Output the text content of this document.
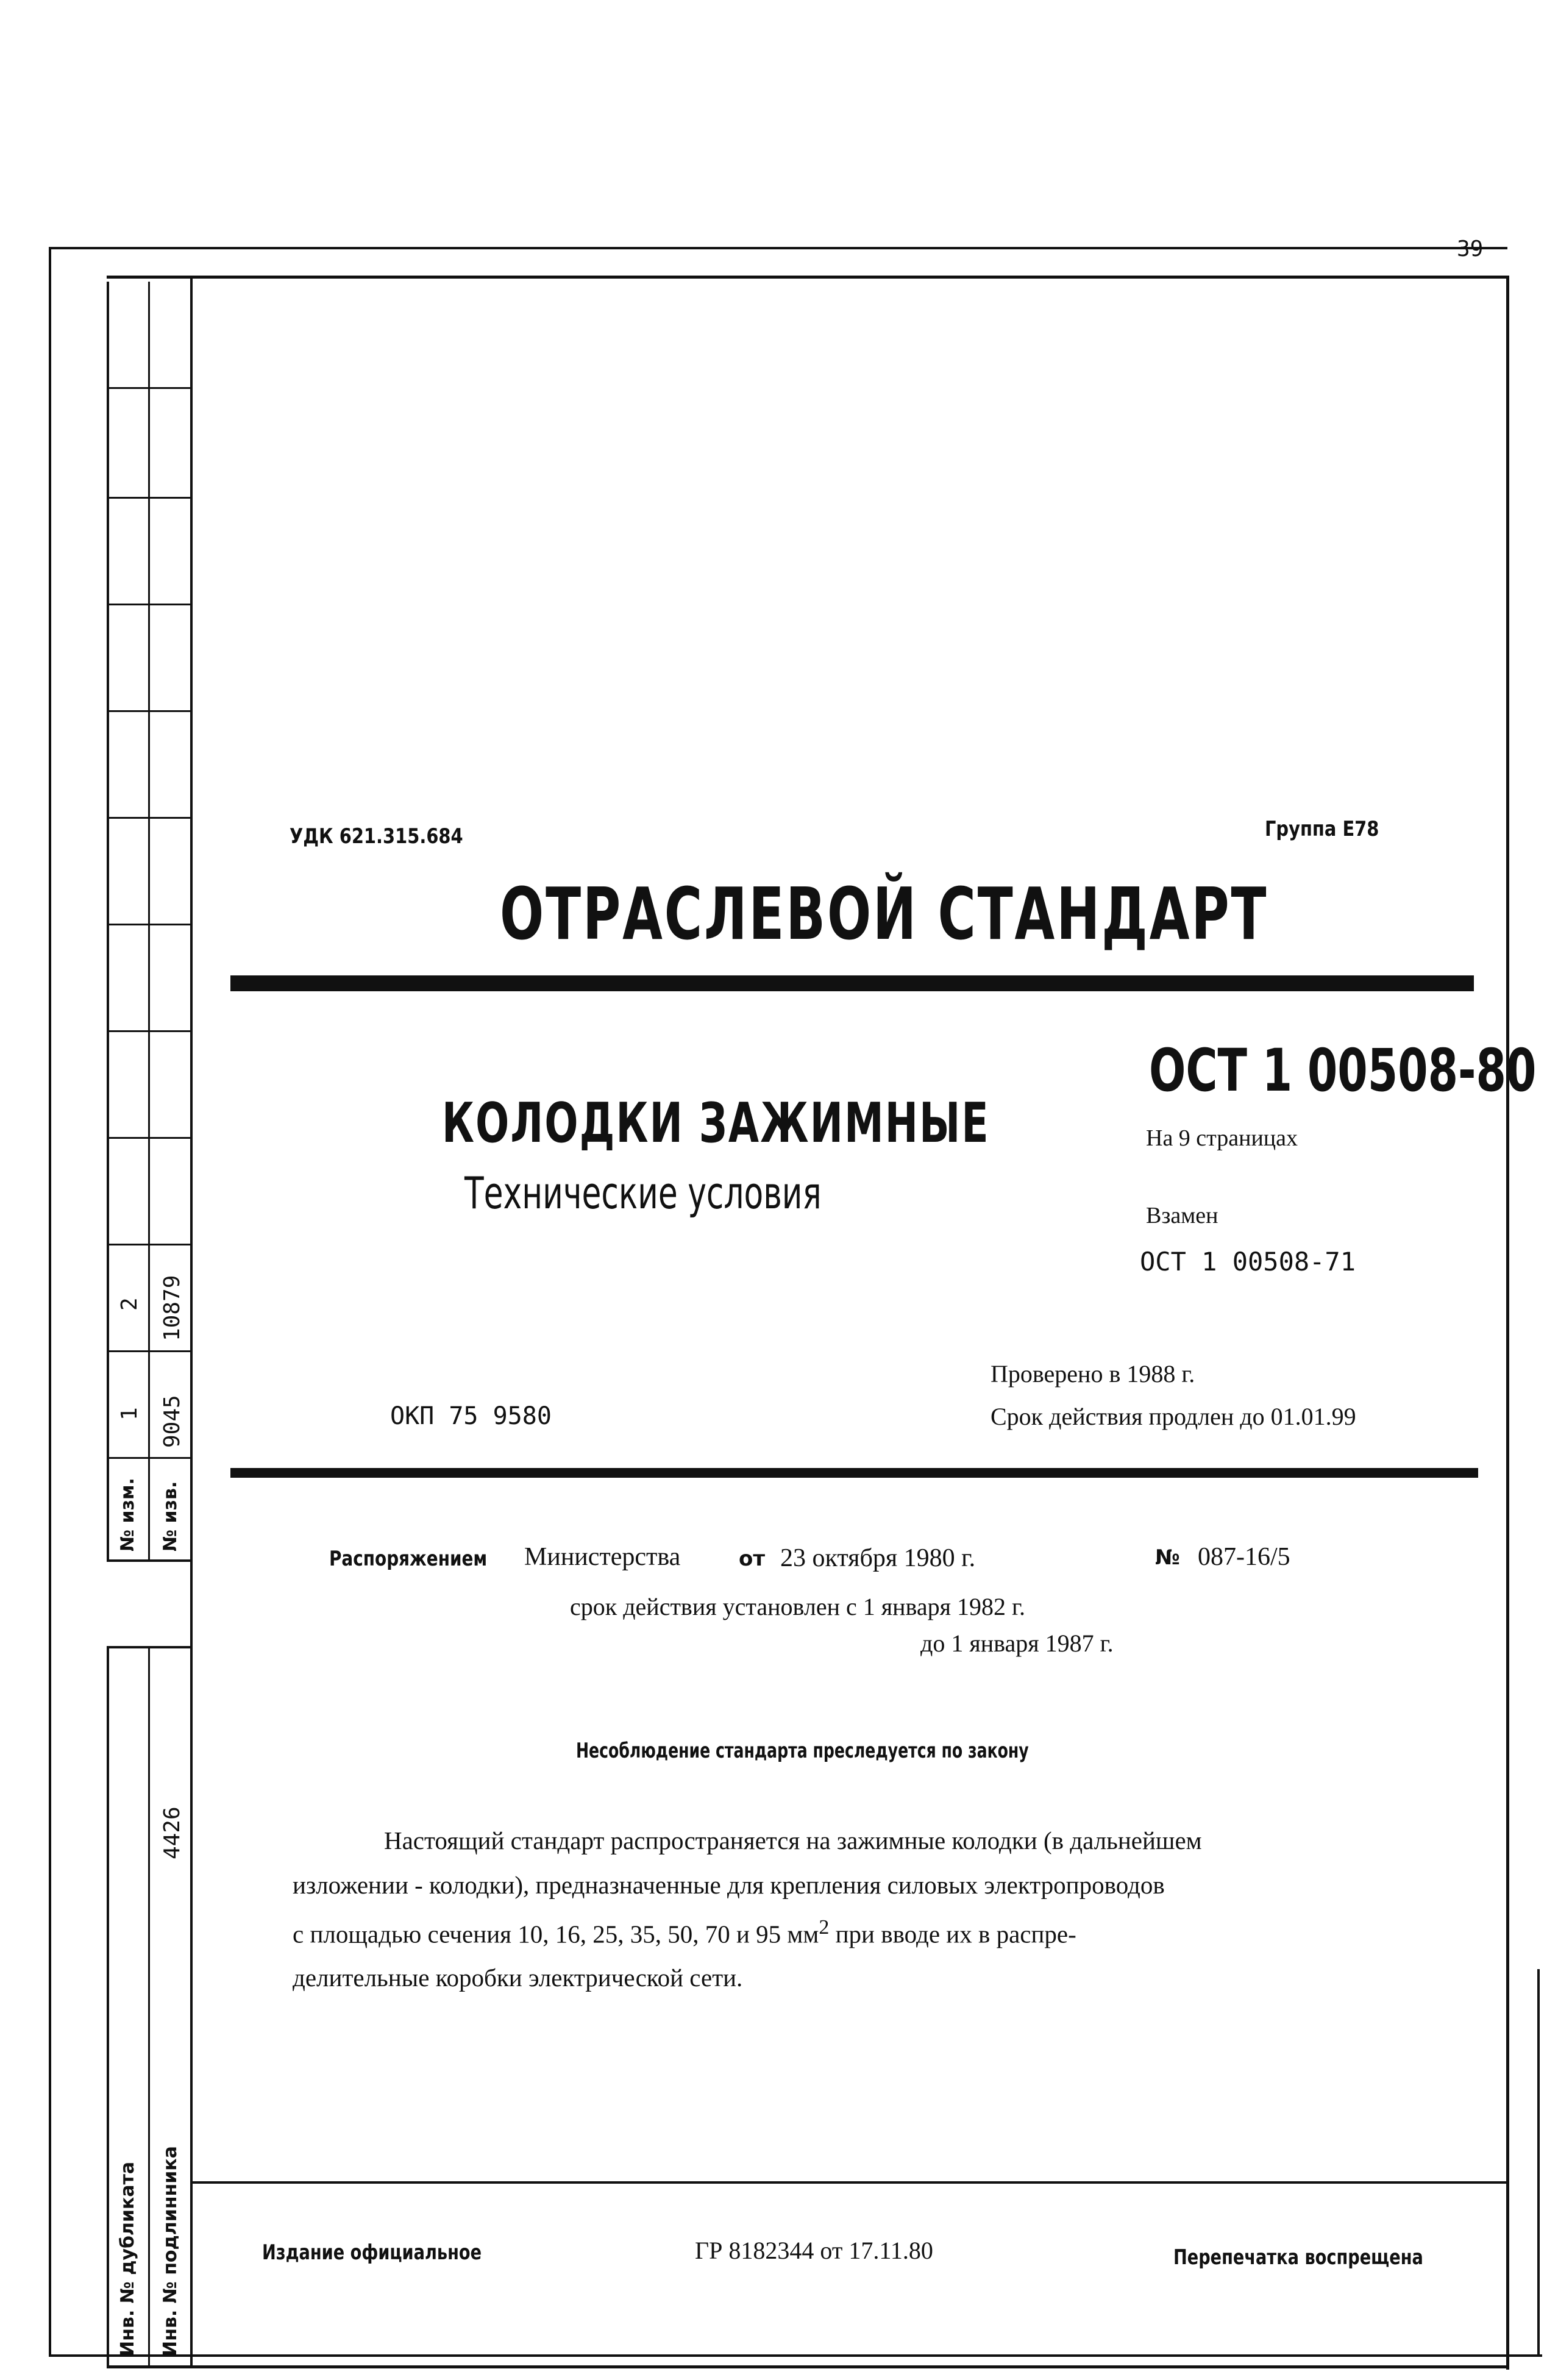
№ изм. № изв.
1 9045
2 10879
4426
Инв. № дубликата Инв. № подлинника
39
УДК 621.315.684	Группа Е78
ОТРАСЛЕВОЙ СТАНДАРТ
ОСТ 1 00508-80
КОЛОДКИ ЗАЖИМНЫЕ	На 9 страницах
Технические условия	Взамен
ОСТ 1 00508-71
Проверено в 1988 г.
ОКП 75 9580	Срок действия продлен до 01.01.99
Распоряжением Министерства	от 23 октября 1980 г.	№ 087-16/5
срок действия установлен с 1 января 1982 г.
до 1 января 1987 г.
Несоблюдение стандарта преследуется по закону
Настоящий стандарт распространяется на зажимные колодки (в дальнейшем
изложении - колодки), предназначенные для крепления силовых электропроводов
с площадью сечения 10, 16, 25, 35, 50, 70 и 95 $мм^2$ при вводе их в распре-
делительные коробки электрической сети.
Издание официальное	ГР 8182344 от 17.11.80	Перепечатка воспрещена
